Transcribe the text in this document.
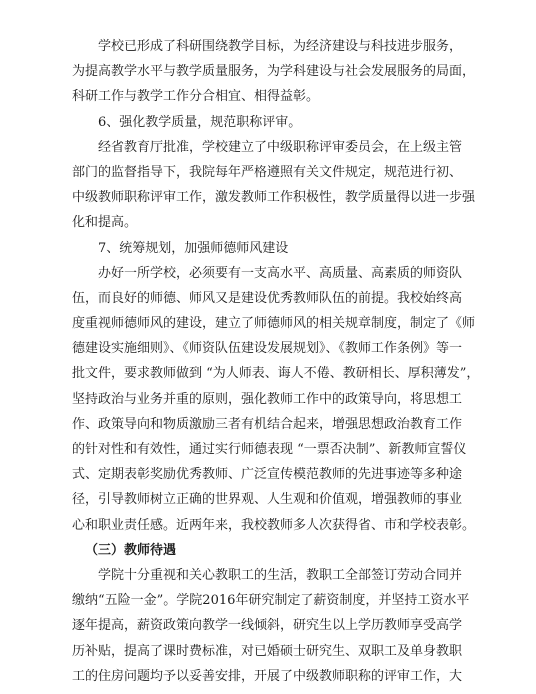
学校已形成了科研围绕教学目标，为经济建设与科技进步服务，
为提高教学水平与教学质量服务，为学科建设与社会发展服务的局面，
科研工作与教学工作分合相宜、相得益彰。
6、强化教学质量，规范职称评审。
经省教育厅批准，学校建立了中级职称评审委员会，在上级主管
部门的监督指导下，我院每年严格遵照有关文件规定，规范进行初、
中级教师职称评审工作，激发教师工作积极性，教学质量得以进一步强
化和提高。
7、统筹规划，加强师德师风建设
办好一所学校，必须要有一支高水平、高质量、高素质的师资队
伍，而良好的师德、师风又是建设优秀教师队伍的前提。我校始终高
度重视师德师风的建设，建立了师德师风的相关规章制度，制定了《师
德建设实施细则》、《师资队伍建设发展规划》、《教师工作条例》等一
批文件，要求教师做到 “为人师表、诲人不倦、教研相长、厚积薄发”，
坚持政治与业务并重的原则，强化教师工作中的政策导向，将思想工
作、政策导向和物质激励三者有机结合起来，增强思想政治教育工作
的针对性和有效性，通过实行师德表现 “一票否决制”、新教师宣誓仪
式、定期表彰奖励优秀教师、广泛宣传模范教师的先进事迹等多种途
径，引导教师树立正确的世界观、人生观和价值观，增强教师的事业
心和职业责任感。近两年来，我校教师多人次获得省、市和学校表彰。
（三）教师待遇
学院十分重视和关心教职工的生活，教职工全部签订劳动合同并
缴纳“五险一金”。学院2016年研究制定了薪资制度，并坚持工资水平
逐年提高，薪资政策向教学一线倾斜，研究生以上学历教师享受高学
历补贴，提高了课时费标准，对已婚硕士研究生、双职工及单身教职
工的住房问题均予以妥善安排，开展了中级教师职称的评审工作，大
